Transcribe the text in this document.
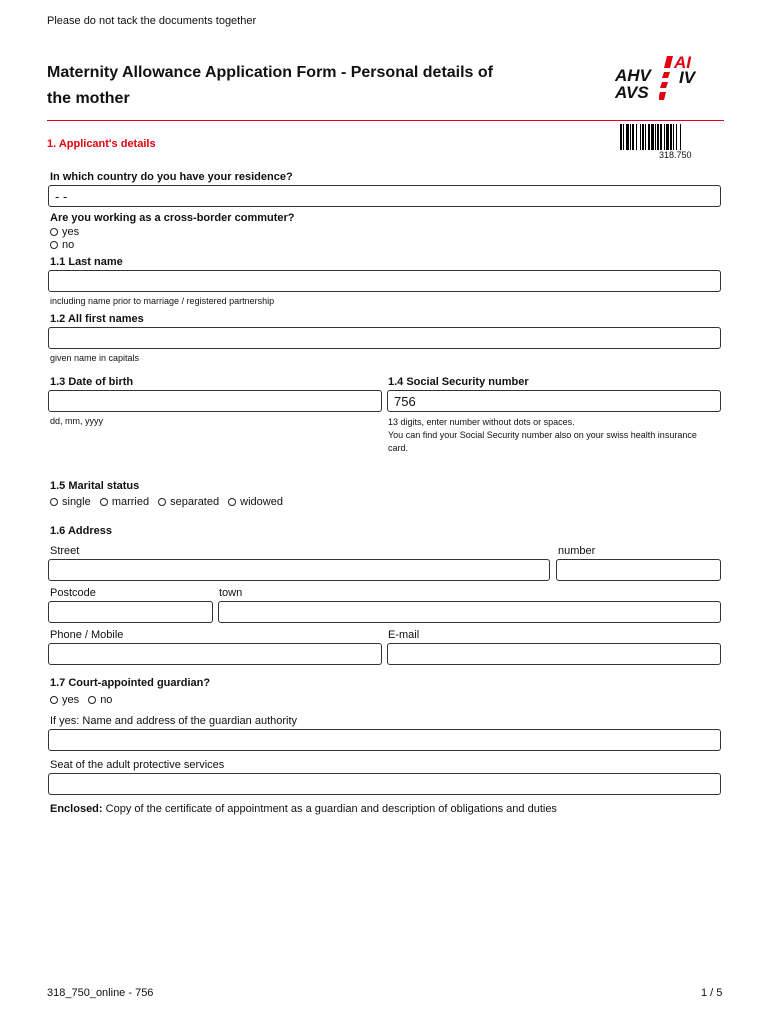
Please do not tack the documents together
Maternity Allowance Application Form - Personal details of
the mother
AHV
AVS
AI
IV
318.750
1. Applicant's details
In which country do you have your residence?
- -
Are you working as a cross-border commuter?
yes
no
1.1 Last name
including name prior to marriage / registered partnership
1.2 All first names
given name in capitals
1.3 Date of birth
dd, mm, yyyy
1.4 Social Security number
756
13 digits, enter number without dots or spaces.
You can find your Social Security number also on your swiss health insurance
card.
1.5 Marital status
single married separated widowed
1.6 Address
Street	number
Postcode	town
Phone / Mobile	E-mail
1.7 Court-appointed guardian?
yes no
If yes: Name and address of the guardian authority
Seat of the adult protective services
Enclosed: Copy of the certificate of appointment as a guardian and description of obligations and duties
318_750_online - 756	1 / 5
